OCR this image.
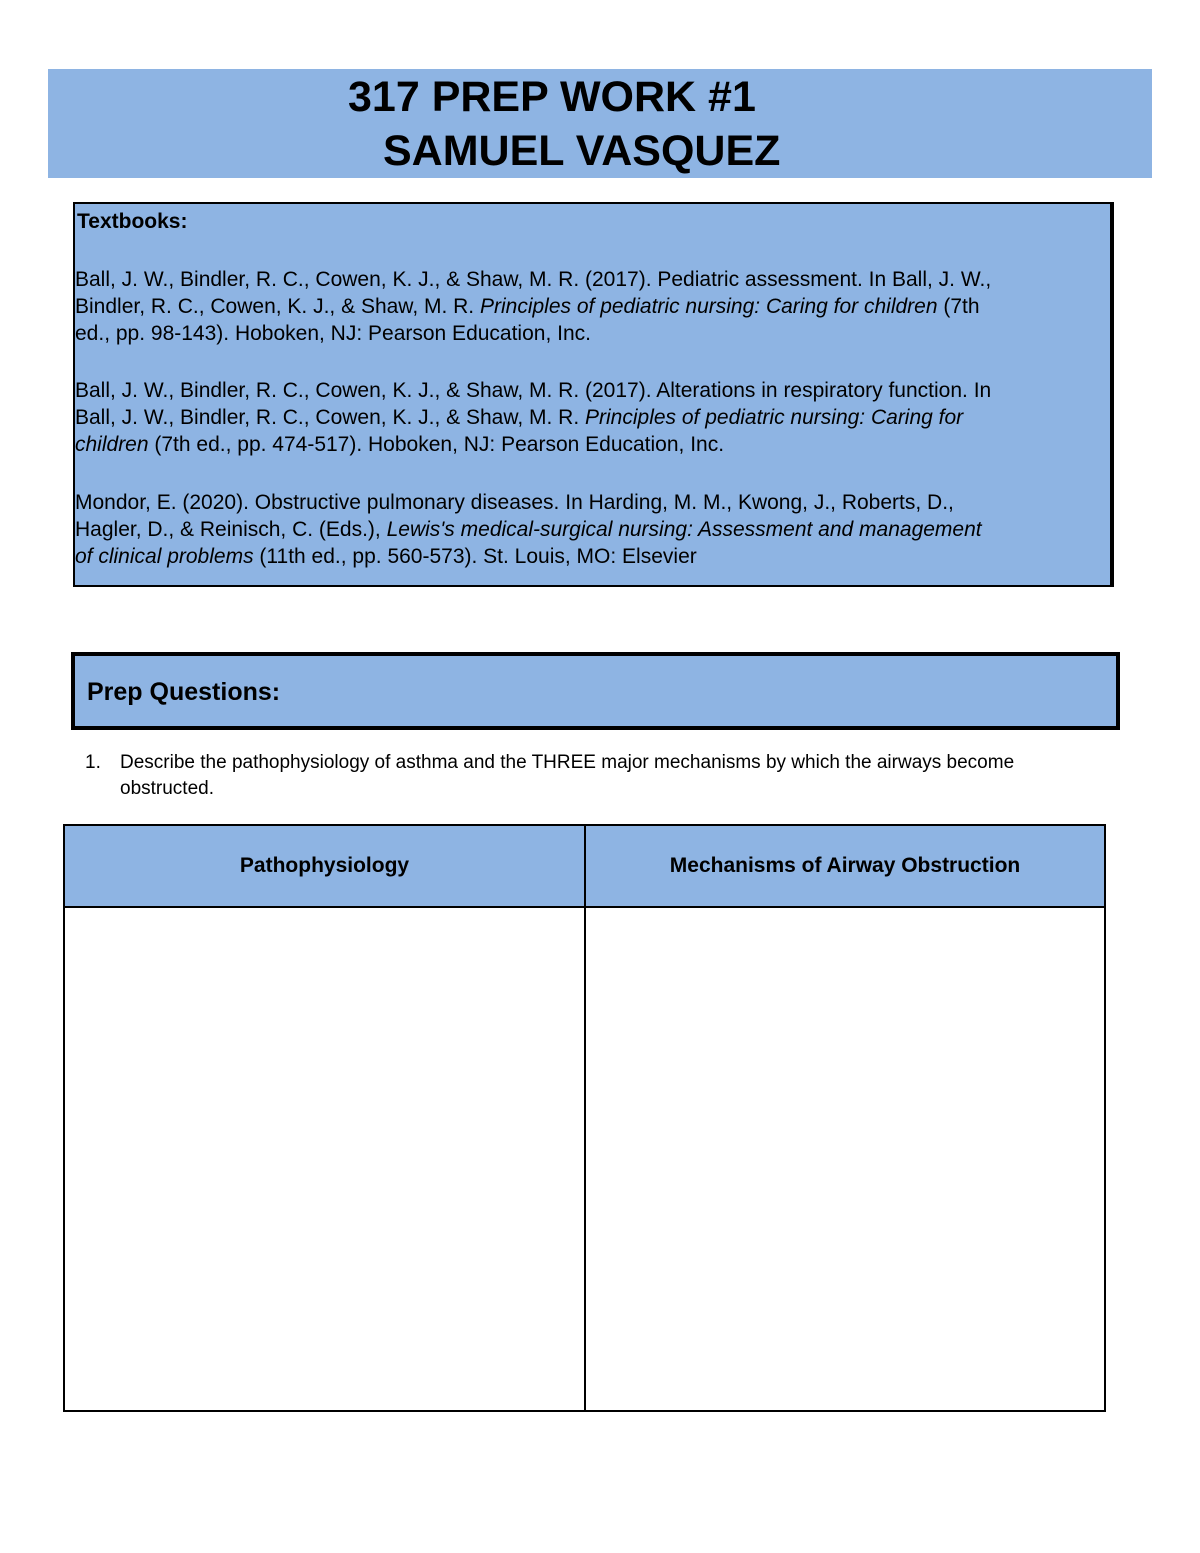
317 PREP WORK #1
SAMUEL VASQUEZ
Textbooks:
Ball, J. W., Bindler, R. C., Cowen, K. J., & Shaw, M. R. (2017). Pediatric assessment. In Ball, J. W.,
Bindler, R. C., Cowen, K. J., & Shaw, M. R. Principles of pediatric nursing: Caring for children (7th
ed., pp. 98-143). Hoboken, NJ: Pearson Education, Inc.
Ball, J. W., Bindler, R. C., Cowen, K. J., & Shaw, M. R. (2017). Alterations in respiratory function. In
Ball, J. W., Bindler, R. C., Cowen, K. J., & Shaw, M. R. Principles of pediatric nursing: Caring for
children (7th ed., pp. 474-517). Hoboken, NJ: Pearson Education, Inc.
Mondor, E. (2020). Obstructive pulmonary diseases. In Harding, M. M., Kwong, J., Roberts, D.,
Hagler, D., & Reinisch, C. (Eds.), Lewis's medical-surgical nursing: Assessment and management
of clinical problems (11th ed., pp. 560-573). St. Louis, MO: Elsevier
Prep Questions:
1. Describe the pathophysiology of asthma and the THREE major mechanisms by which the airways become
obstructed.
Pathophysiology	Mechanisms of Airway Obstruction
